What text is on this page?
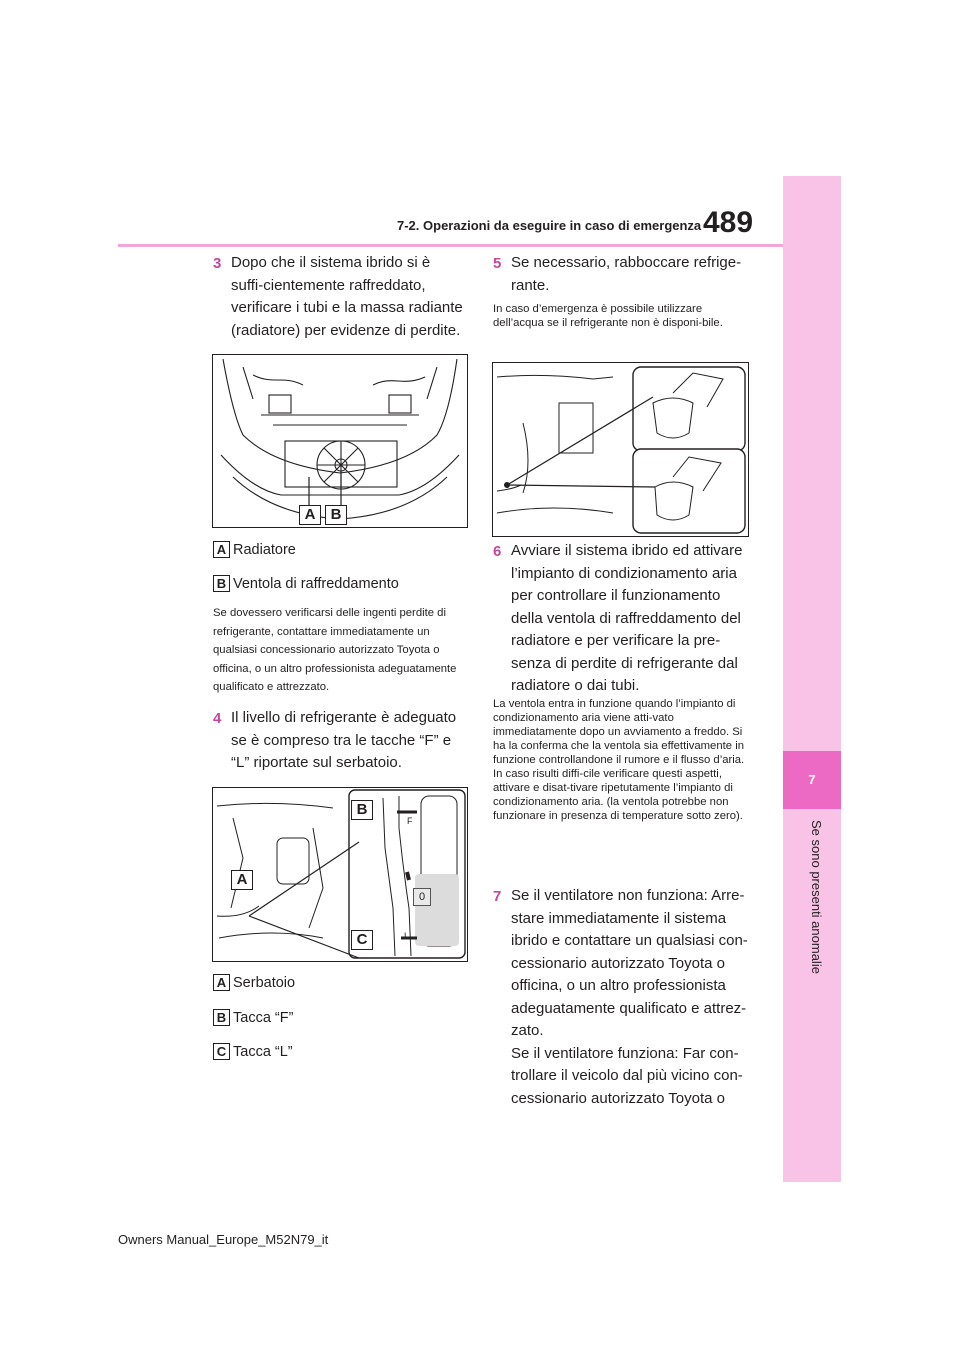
7-2. Operazioni da eseguire in caso di emergenza 489
7
Se sono presenti anomalie
3 Dopo che il sistema ibrido si è suffi-cientemente raffreddato, verificare i tubi e la massa radiante (radiatore) per evidenze di perdite.
A	B
A Radiatore
B Ventola di raffreddamento
Se dovessero verificarsi delle ingenti perdite di refrigerante, contattare immediatamente un qualsiasi concessionario autorizzato Toyota o officina, o un altro professionista adeguatamente qualificato e attrezzato.
4 Il livello di refrigerante è adeguato se è compreso tra le tacche “F” e “L” riportate sul serbatoio.
F
L
0
A
B
C
A Serbatoio
B Tacca “F”
C Tacca “L”
5 Se necessario, rabboccare refrige-rante.
In caso d’emergenza è possibile utilizzare dell’acqua se il refrigerante non è disponi-bile.
6 Avviare il sistema ibrido ed attivare l’impianto di condizionamento aria per controllare il funzionamento della ventola di raffreddamento del radiatore e per verificare la pre-senza di perdite di refrigerante dal radiatore o dai tubi.
La ventola entra in funzione quando l’impianto di condizionamento aria viene atti-vato immediatamente dopo un avviamento a freddo. Si ha la conferma che la ventola sia effettivamente in funzione controllandone il rumore e il flusso d’aria. In caso risulti diffi-cile verificare questi aspetti, attivare e disat-tivare ripetutamente l’impianto di condizionamento aria. (la ventola potrebbe non funzionare in presenza di temperature sotto zero).
7 Se il ventilatore non funziona: Arre-stare immediatamente il sistema ibrido e contattare un qualsiasi con-cessionario autorizzato Toyota o officina, o un altro professionista adeguatamente qualificato e attrez-zato.
Se il ventilatore funziona: Far con-trollare il veicolo dal più vicino con-cessionario autorizzato Toyota o
Owners Manual_Europe_M52N79_it
